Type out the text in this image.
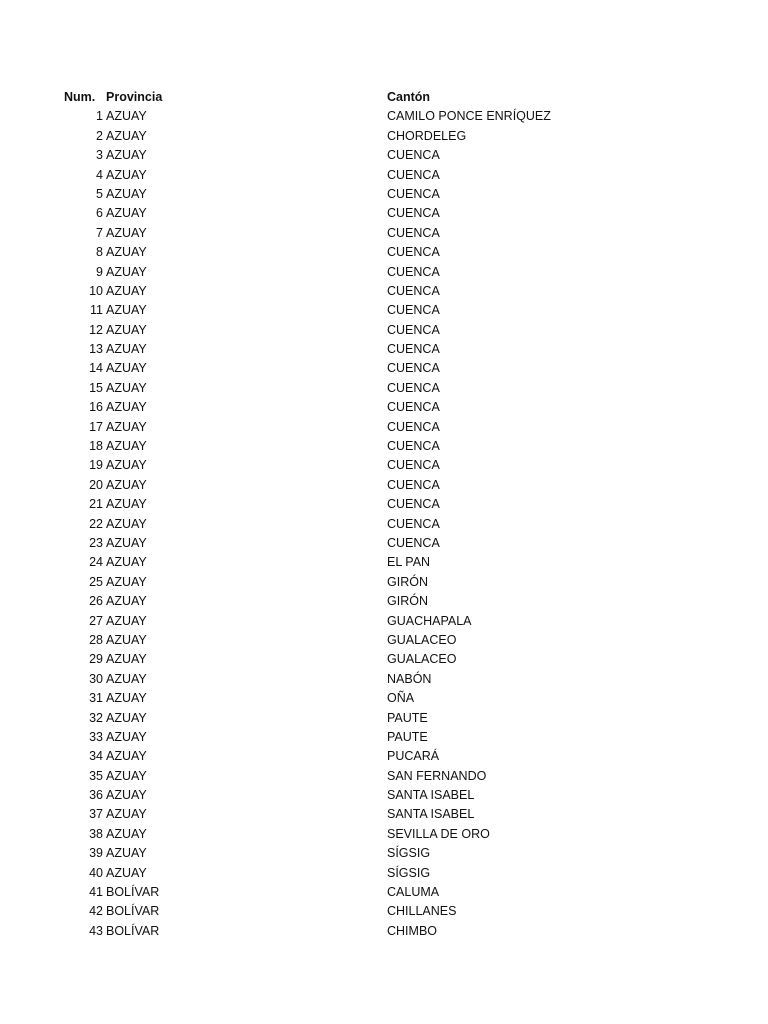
Num. Provincia	Cantón
1 AZUAY	CAMILO PONCE ENRÍQUEZ
2 AZUAY	CHORDELEG
3 AZUAY	CUENCA
4 AZUAY	CUENCA
5 AZUAY	CUENCA
6 AZUAY	CUENCA
7 AZUAY	CUENCA
8 AZUAY	CUENCA
9 AZUAY	CUENCA
10 AZUAY	CUENCA
11 AZUAY	CUENCA
12 AZUAY	CUENCA
13 AZUAY	CUENCA
14 AZUAY	CUENCA
15 AZUAY	CUENCA
16 AZUAY	CUENCA
17 AZUAY	CUENCA
18 AZUAY	CUENCA
19 AZUAY	CUENCA
20 AZUAY	CUENCA
21 AZUAY	CUENCA
22 AZUAY	CUENCA
23 AZUAY	CUENCA
24 AZUAY	EL PAN
25 AZUAY	GIRÓN
26 AZUAY	GIRÓN
27 AZUAY	GUACHAPALA
28 AZUAY	GUALACEO
29 AZUAY	GUALACEO
30 AZUAY	NABÓN
31 AZUAY	OÑA
32 AZUAY	PAUTE
33 AZUAY	PAUTE
34 AZUAY	PUCARÁ
35 AZUAY	SAN FERNANDO
36 AZUAY	SANTA ISABEL
37 AZUAY	SANTA ISABEL
38 AZUAY	SEVILLA DE ORO
39 AZUAY	SÍGSIG
40 AZUAY	SÍGSIG
41 BOLÍVAR	CALUMA
42 BOLÍVAR	CHILLANES
43 BOLÍVAR	CHIMBO
